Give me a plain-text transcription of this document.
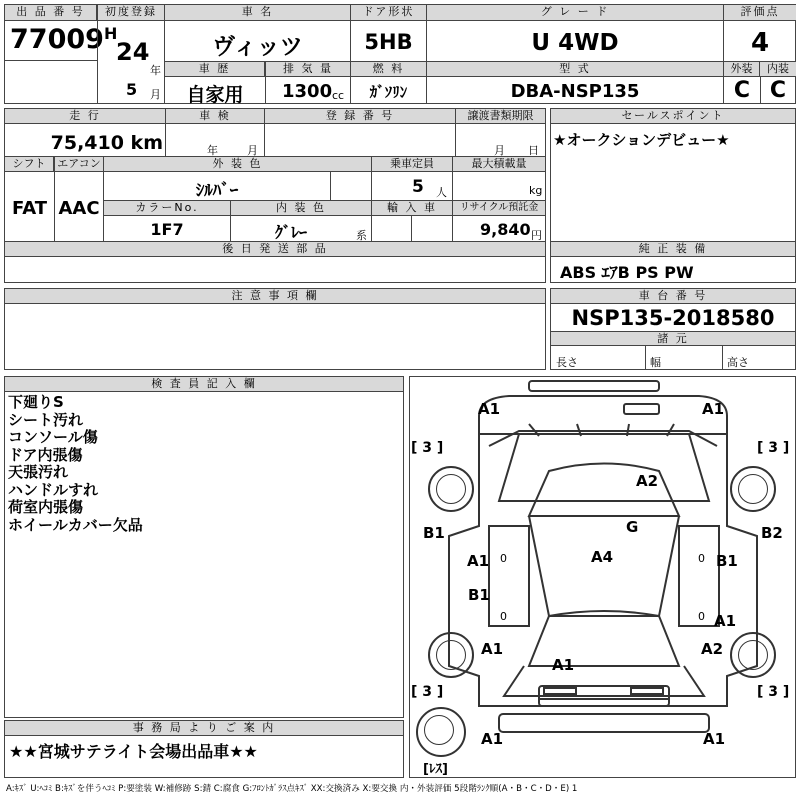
出 品 番 号
77009
初度登録
H
24
年
5 月
車 名
ヴィッツ
ドア形状
5HB
グ レ ー ド
U 4WD
評価点
4
車 歴
自家用
排 気 量
1300 cc
燃 料
ｶﾞｿﾘﾝ
型 式
DBA-NSP135
外装	内装
C C
走 行
75,410 km
車 検
年	月
登 録 番 号	譲渡書類期限
月 日
シフト
FAT
エアコン
AAC
外 装 色
ｼﾙﾊﾞｰ
乗車定員
5 人
最大積載量
kg
カラーNo.
1F7
内 装 色
ｸﾞﾚｰ	系
輸 入 車	リサイクル預託金
9,840 円
後 日 発 送 部 品
セールスポイント
★オークションデビュー★
純 正 装 備
ABS ｴｱB PS PW
注 意 事 項 欄	車 台 番 号
NSP135-2018580
諸 元
長さ	幅	高さ
検 査 員 記 入 欄
下廻りS
シート汚れ
コンソール傷
ドア内張傷
天張汚れ
ハンドルすれ
荷室内張傷
ホイールカバー欠品
事 務 局 よ り ご 案 内
★★宮城サテライト会場出品車★★
A1	A1
A2
G
A4
B1	B2
A1	B1
B1
A1
A1	A2
A1
A1	A1
0	0
0	0
[ 3 ]	[ 3 ]
[ 3 ]	[ 3 ]
[ﾚｽ]
A:ｷｽﾞ U:ﾍｺﾐ B:ｷｽﾞを伴うﾍｺﾐ P:要塗装 W:補修跡 S:錆 C:腐食 G:ﾌﾛﾝﾄｶﾞﾗｽ点ｷｽﾞ XX:交換済み X:要交換 内・外装評価 5段階ﾗﾝｸ順(A・B・C・D・E) 1
